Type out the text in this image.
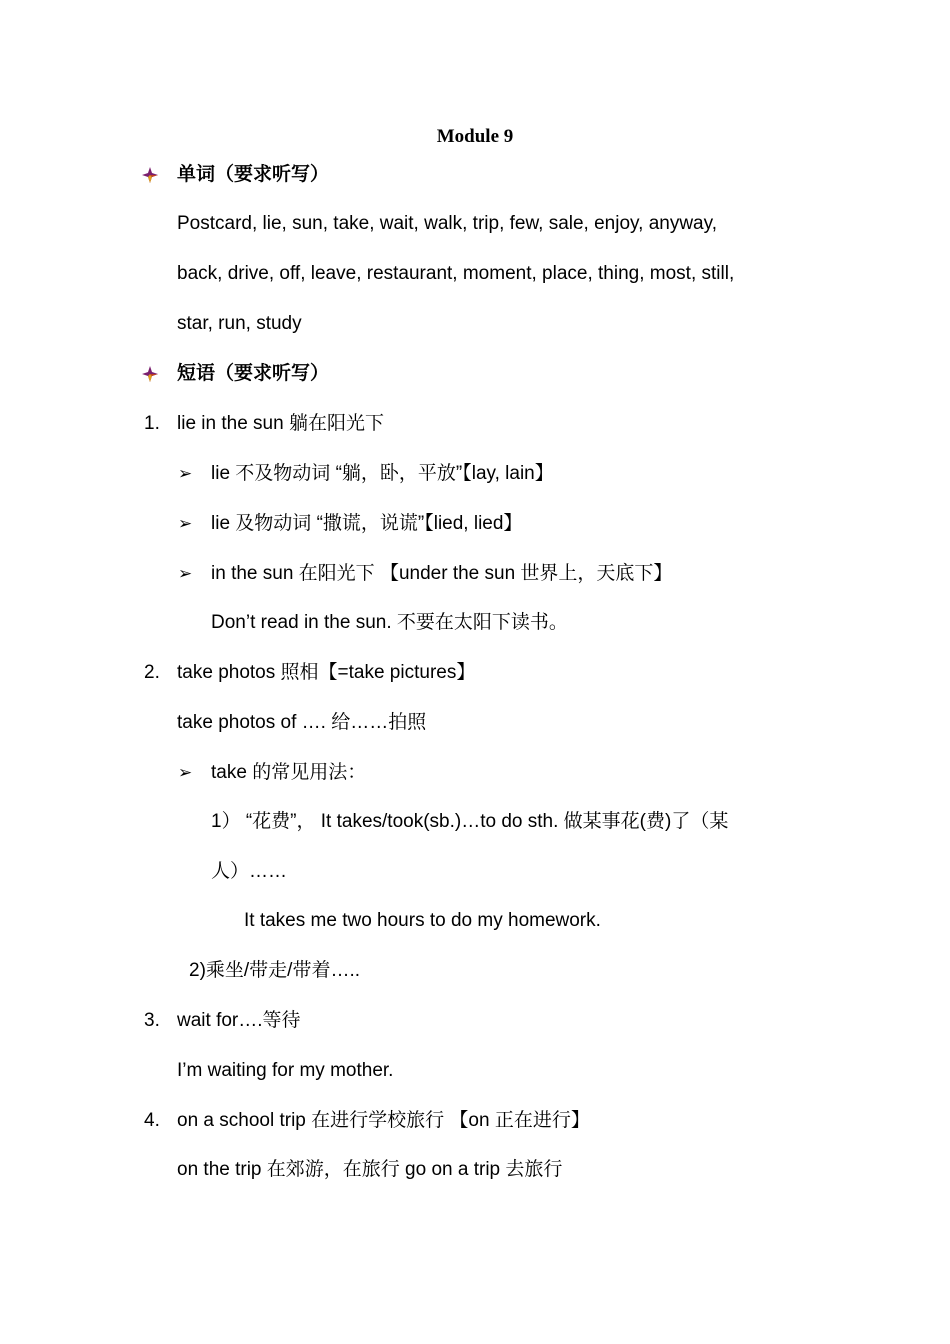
Module 9
单词（要求听写）
Postcard, lie, sun, take, wait, walk, trip, few, sale, enjoy, anyway,
back, drive, off, leave, restaurant, moment, place, thing, most, still,
star, run, study
短语（要求听写）
1. lie in the sun 躺在阳光下
➢ lie 不及物动词 “躺，卧，平放”【lay, lain】
➢ lie 及物动词 “撒谎，说谎”【lied, lied】
➢ in the sun 在阳光下 【under the sun 世界上，天底下】
Don’t read in the sun. 不要在太阳下读书。
2. take photos 照相【=take pictures】
take photos of …. 给……拍照
➢ take 的常见用法：
1） “花费”， It takes/took(sb.)…to do sth. 做某事花(费)了（某
人）……
It takes me two hours to do my homework.
2)乘坐/带走/带着…..
3. wait for….等待
I’m waiting for my mother.
4. on a school trip 在进行学校旅行 【on 正在进行】
on the trip 在郊游，在旅行 go on a trip 去旅行
